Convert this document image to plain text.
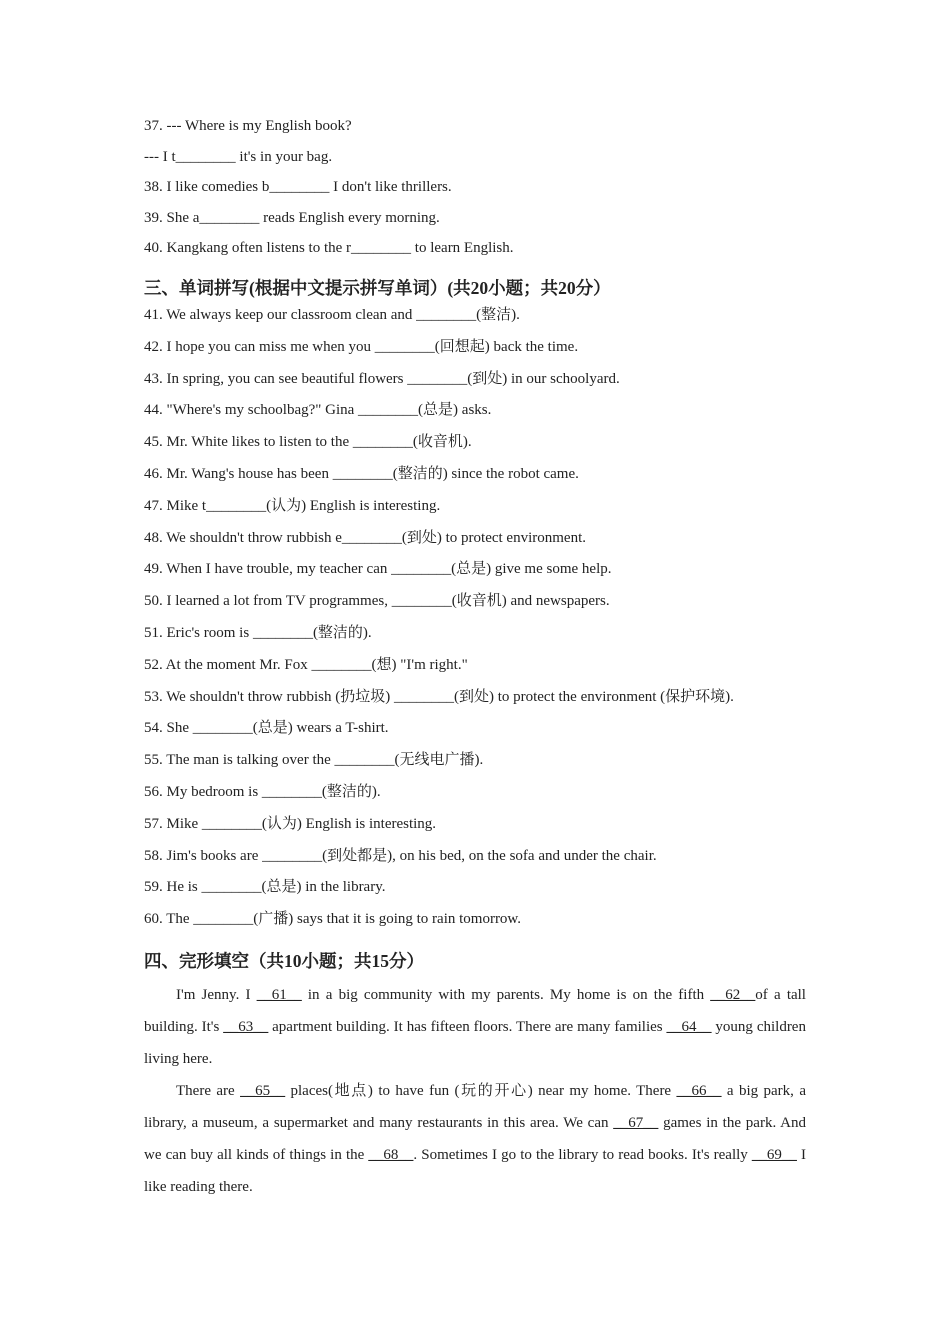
37. --- Where is my English book?
--- I t________ it's in your bag.
38. I like comedies b________ I don't like thrillers.
39. She a________ reads English every morning.
40. Kangkang often listens to the r________ to learn English.
三、单词拼写(根据中文提示拼写单词）(共20小题；共20分）
41. We always keep our classroom clean and ________(整洁).
42. I hope you can miss me when you ________(回想起) back the time.
43. In spring, you can see beautiful flowers ________(到处) in our schoolyard.
44. "Where's my schoolbag?" Gina ________(总是) asks.
45. Mr. White likes to listen to the ________(收音机).
46. Mr. Wang's house has been ________(整洁的) since the robot came.
47. Mike t________(认为) English is interesting.
48. We shouldn't throw rubbish e________(到处) to protect environment.
49. When I have trouble, my teacher can ________(总是) give me some help.
50. I learned a lot from TV programmes, ________(收音机) and newspapers.
51. Eric's room is ________(整洁的).
52. At the moment Mr. Fox ________(想) "I'm right."
53. We shouldn't throw rubbish (扔垃圾) ________(到处) to protect the environment (保护环境).
54. She ________(总是) wears a T-shirt.
55. The man is talking over the ________(无线电广播).
56. My bedroom is ________(整洁的).
57. Mike ________(认为) English is interesting.
58. Jim's books are ________(到处都是), on his bed, on the sofa and under the chair.
59. He is ________(总是) in the library.
60. The ________(广播) says that it is going to rain tomorrow.
四、完形填空（共10小题；共15分）

I'm Jenny. I __61__ in a big community with my parents. My home is on the fifth __62__of a tall building. It's __63__ apartment building. It has fifteen floors. There are many families __64__ young children living here.

There are __65__ places(地点) to have fun (玩的开心) near my home. There __66__ a big park, a library, a museum, a supermarket and many restaurants in this area. We can __67__ games in the park. And we can buy all kinds of things in the __68__. Sometimes I go to the library to read books. It's really __69__ I like reading there.
